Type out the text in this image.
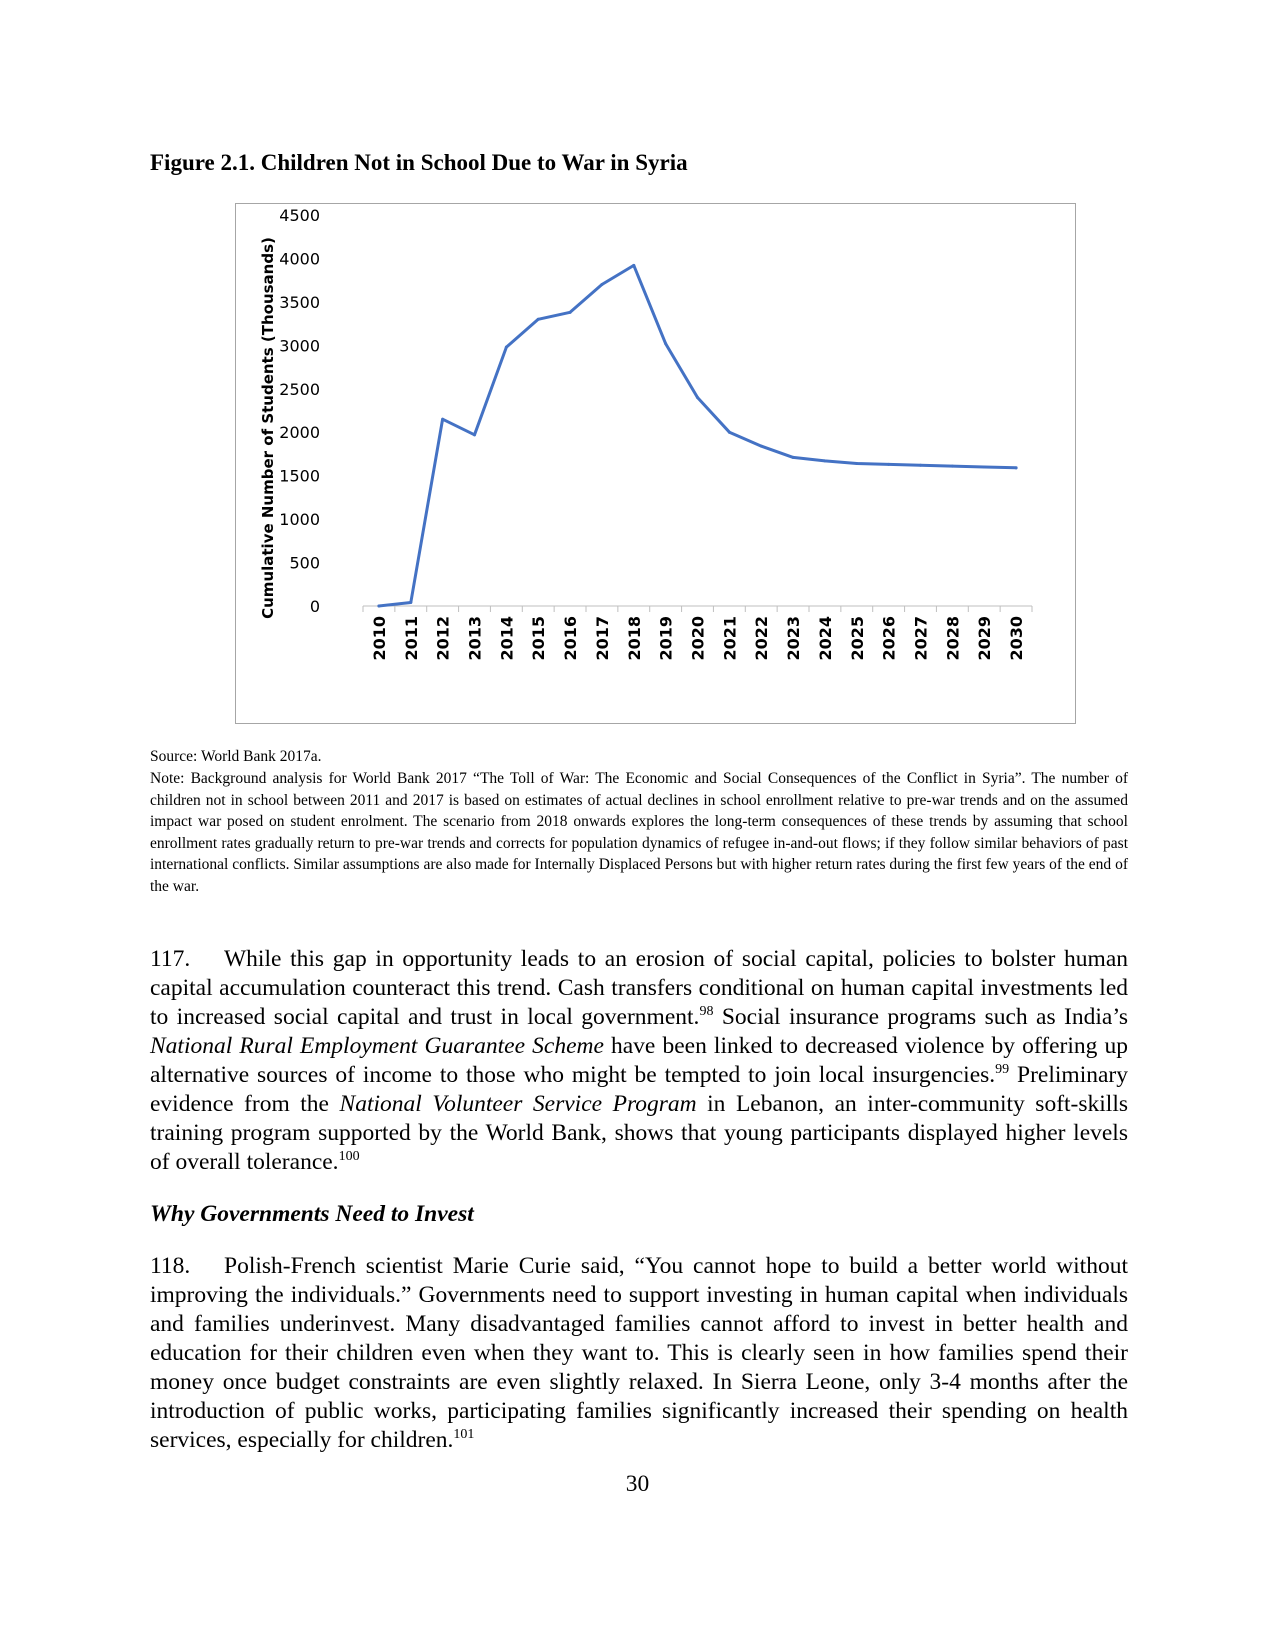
Figure 2.1. Children Not in School Due to War in Syria
0
500
1000
1500
2000
2500
3000
3500
4000
4500
2010 2011 2012 2013 2014 2015 2016 2017 2018 2019 2020 2021 2022 2023 2024 2025 2026 2027 2028 2029 2030
Cumulative Number of Students (Thousands)
Source: World Bank 2017a.
Note: Background analysis for World Bank 2017 “The Toll of War: The Economic and Social Consequences of the Conflict in Syria”. The number of children not in school between 2011 and 2017 is based on estimates of actual declines in school enrollment relative to pre-war trends and on the assumed impact war posed on student enrolment. The scenario from 2018 onwards explores the long-term consequences of these trends by assuming that school enrollment rates gradually return to pre-war trends and corrects for population dynamics of refugee in-and-out flows; if they follow similar behaviors of past international conflicts. Similar assumptions are also made for Internally Displaced Persons but with higher return rates during the first few years of the end of the war.

117. While this gap in opportunity leads to an erosion of social capital, policies to bolster human capital accumulation counteract this trend. Cash transfers conditional on human capital investments led to increased social capital and trust in local government.$^{98}$ Social insurance programs such as India’s National Rural Employment Guarantee Scheme have been linked to decreased violence by offering up alternative sources of income to those who might be tempted to join local insurgencies.$^{99}$ Preliminary evidence from the National Volunteer Service Program in Lebanon, an inter-community soft-skills training program supported by the World Bank, shows that young participants displayed higher levels of overall tolerance.$^{100}$

Why Governments Need to Invest

118. Polish-French scientist Marie Curie said, “You cannot hope to build a better world without improving the individuals.” Governments need to support investing in human capital when individuals and families underinvest. Many disadvantaged families cannot afford to invest in better health and education for their children even when they want to. This is clearly seen in how families spend their money once budget constraints are even slightly relaxed. In Sierra Leone, only 3-4 months after the introduction of public works, participating families significantly increased their spending on health services, especially for children.$^{101}$

30
